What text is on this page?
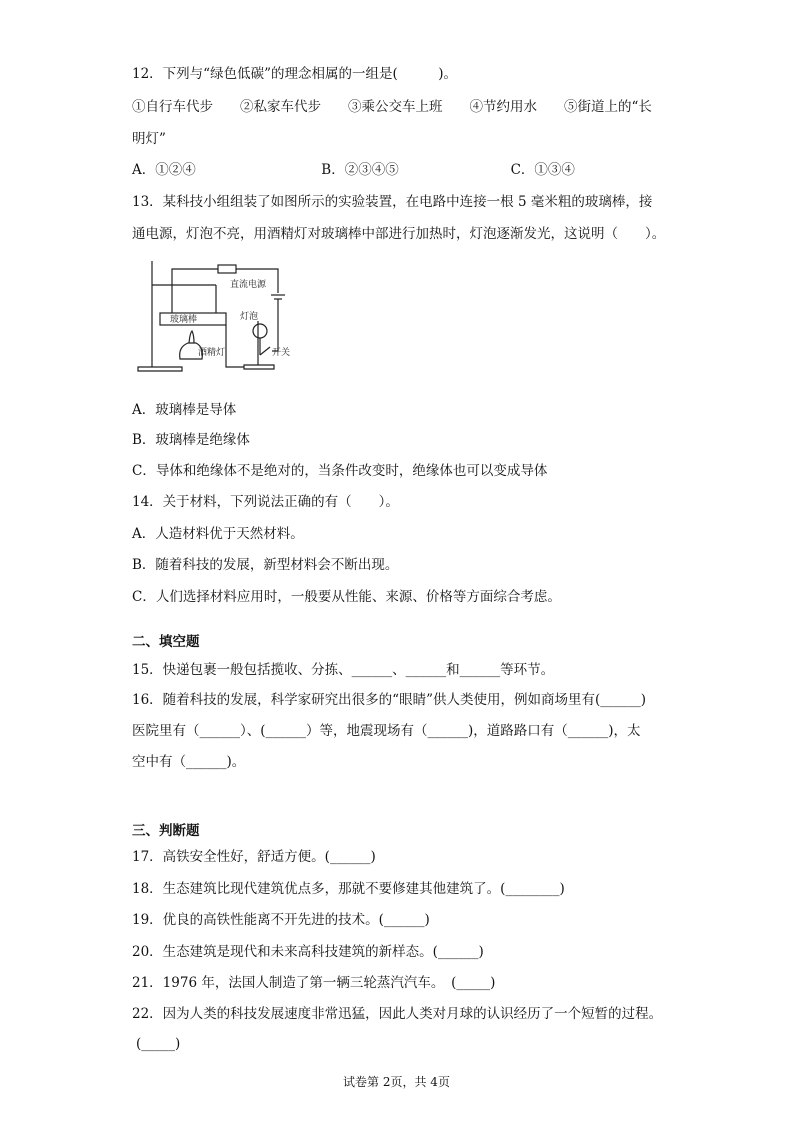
12．下列与“绿色低碳”的理念相属的一组是(　　　)。
①自行车代步　　②私家车代步　　③乘公交车上班　　④节约用水　　⑤街道上的“长
明灯”
A．①②④	B．②③④⑤	C．①③④
13．某科技小组组装了如图所示的实验装置，在电路中连接一根 5 毫米粗的玻璃棒，接
通电源，灯泡不亮，用酒精灯对玻璃棒中部进行加热时，灯泡逐渐发光，这说明（　　）。
直流电源
玻璃棒	灯泡
酒精灯	开关
A．玻璃棒是导体
B．玻璃棒是绝缘体
C．导体和绝缘体不是绝对的，当条件改变时，绝缘体也可以变成导体
14．关于材料，下列说法正确的有（　　）。
A．人造材料优于天然材料。
B．随着科技的发展，新型材料会不断出现。
C．人们选择材料应用时，一般要从性能、来源、价格等方面综合考虑。
二、填空题
15．快递包裹一般包括揽收、分拣、______、______和______等环节。
16．随着科技的发展，科学家研究出很多的“眼睛”供人类使用，例如商场里有(______)
医院里有（______）、(______）等，地震现场有（______)，道路路口有（______)，太
空中有（______)。
三、判断题
17．高铁安全性好，舒适方便。(______)
18．生态建筑比现代建筑优点多，那就不要修建其他建筑了。(________)
19．优良的高铁性能离不开先进的技术。(______)
20．生态建筑是现代和未来高科技建筑的新样态。(______)
21．1976 年，法国人制造了第一辆三轮蒸汽汽车。　(_____)
22．因为人类的科技发展速度非常迅猛，因此人类对月球的认识经历了一个短暂的过程。
(_____)
试卷第 2页，共 4页
